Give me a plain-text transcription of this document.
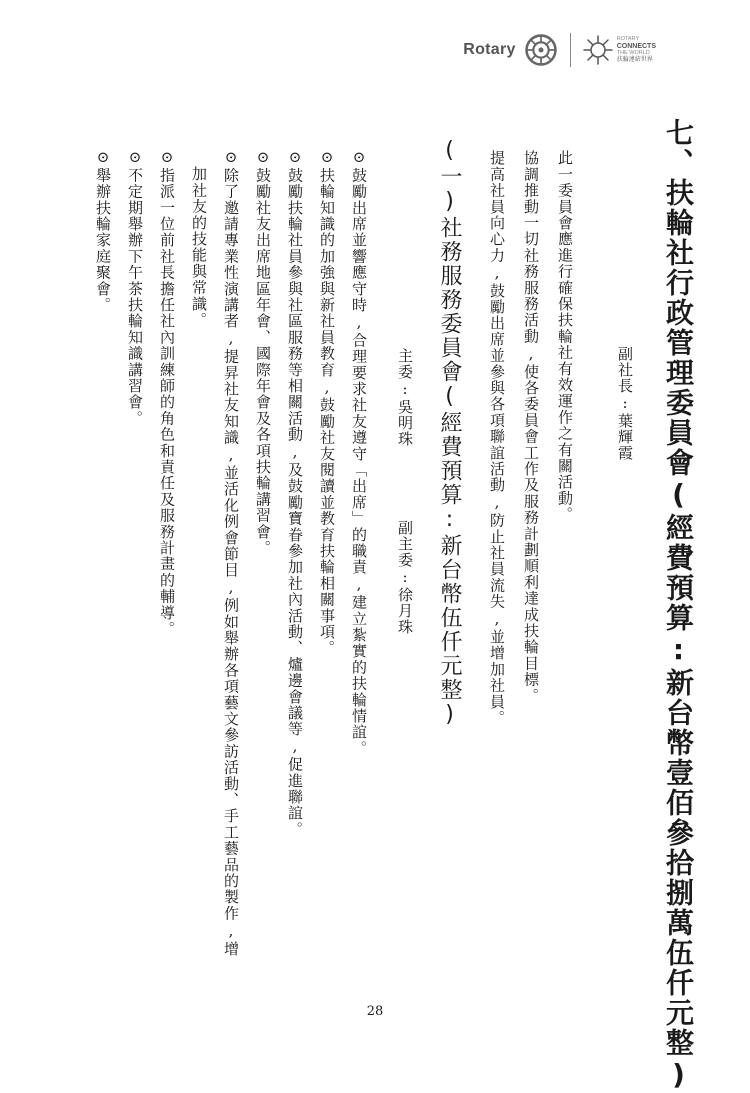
Rotary
ROTARY
CONNECTS
THE WORLD
扶輪連結世界
七、扶輪社行政管理委員會(經費預算:新台幣壹佰參拾捌萬伍仟元整)
副社長:葉輝霞
此一委員會應進行確保扶輪社有效運作之有關活動。
協調推動一切社務服務活動,使各委員會工作及服務計劃順利達成扶輪目標。
提高社員向心力,鼓勵出席並參與各項聯誼活動,防止社員流失,並增加社員。
(一)社務服務委員會(經費預算:新台幣伍仟元整)
主委:吳明珠
副主委:徐月珠
⊙鼓勵出席並響應守時,合理要求社友遵守「出席」的職責,建立紮實的扶輪情誼。
⊙扶輪知識的加強與新社員教育,鼓勵社友閱讀並教育扶輪相關事項。
⊙鼓勵扶輪社員參與社區服務等相關活動,及鼓勵寶眷參加社內活動、爐邊會議等,促進聯誼。
⊙鼓勵社友出席地區年會、國際年會及各項扶輪講習會。
⊙除了邀請專業性演講者,提昇社友知識,並活化例會節目,例如舉辦各項藝文參訪活動、手工藝品的製作,增
加社友的技能與常識。
⊙指派一位前社長擔任社內訓練師的角色和責任及服務計畫的輔導。
⊙不定期舉辦下午茶扶輪知識講習會。
⊙舉辦扶輪家庭聚會。
28
